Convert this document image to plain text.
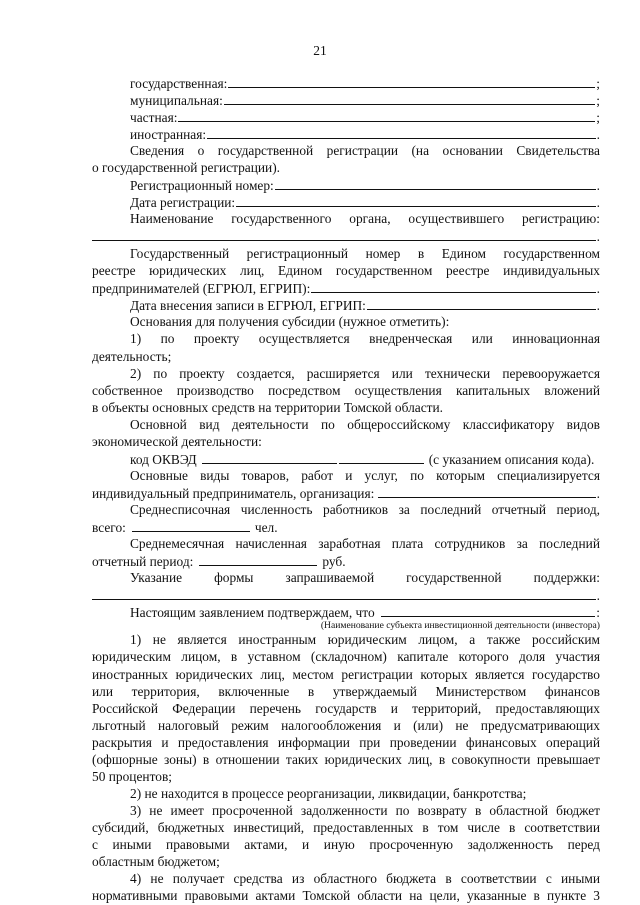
21
государственная:	;
муниципальная:	;
частная:	;
иностранная:	.
Сведения о государственной регистрации (на основании Свидетельства
о государственной регистрации).
Регистрационный номер:	.
Дата регистрации:	.
Наименование государственного органа, осуществившего регистрацию:
.
Государственный регистрационный номер в Едином государственном
реестре юридических лиц, Едином государственном реестре индивидуальных
предпринимателей (ЕГРЮЛ, ЕГРИП):	.
Дата внесения записи в ЕГРЮЛ, ЕГРИП:	.
Основания для получения субсидии (нужное отметить):
1) по проекту осуществляется внедренческая или инновационная
деятельность;
2) по проекту создается, расширяется или технически перевооружается
собственное производство посредством осуществления капитальных вложений
в объекты основных средств на территории Томской области.
Основной вид деятельности по общероссийскому классификатору видов
экономической деятельности:
код ОКВЭД	(с указанием описания кода).
Основные виды товаров, работ и услуг, по которым специализируется
индивидуальный предприниматель, организация:	.
Среднесписочная численность работников за последний отчетный период,
всего:	чел.
Среднемесячная начисленная заработная плата сотрудников за последний
отчетный период:	руб.
Указание формы запрашиваемой государственной поддержки:
.
Настоящим заявлением подтверждаем, что	:
(Наименование субъекта инвестиционной деятельности (инвестора)
1) не является иностранным юридическим лицом, а также российским
юридическим лицом, в уставном (складочном) капитале которого доля участия
иностранных юридических лиц, местом регистрации которых является государство
или территория, включенные в утверждаемый Министерством финансов
Российской Федерации перечень государств и территорий, предоставляющих
льготный налоговый режим налогообложения и (или) не предусматривающих
раскрытия и предоставления информации при проведении финансовых операций
(офшорные зоны) в отношении таких юридических лиц, в совокупности превышает
50 процентов;
2) не находится в процессе реорганизации, ликвидации, банкротства;
3) не имеет просроченной задолженности по возврату в областной бюджет
субсидий, бюджетных инвестиций, предоставленных в том числе в соответствии
с иными правовыми актами, и иную просроченную задолженность перед
областным бюджетом;
4) не получает средства из областного бюджета в соответствии с иными
нормативными правовыми актами Томской области на цели, указанные в пункте 3
